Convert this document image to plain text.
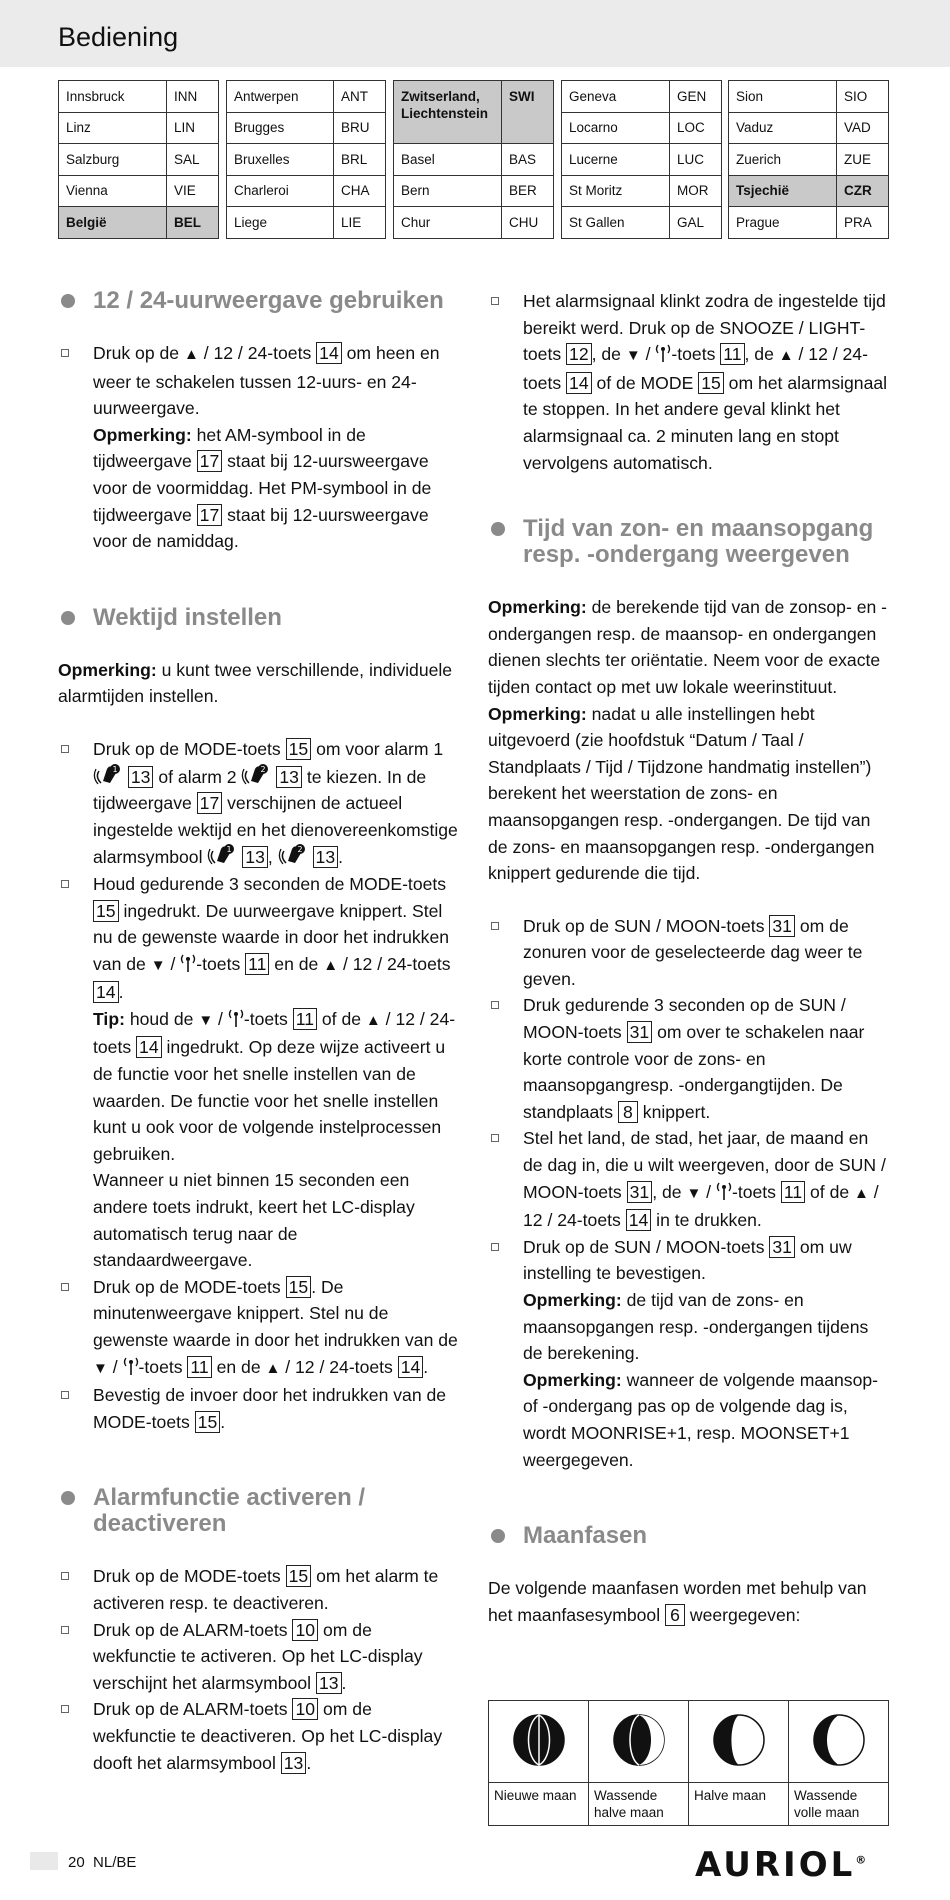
Bediening
Innsbruck	INN
Linz	LIN
Salzburg	SAL
Vienna	VIE
België	BEL
Antwerpen	ANT
Brugges	BRU
Bruxelles	BRL
Charleroi	CHA
Liege	LIE
Zwitserland, Liechtenstein	SWI
Basel	BAS
Bern	BER
Chur	CHU
Geneva	GEN
Locarno	LOC
Lucerne	LUC
St Moritz	MOR
St Gallen	GAL
Sion	SIO
Vaduz	VAD
Zuerich	ZUE
Tsjechië	CZR
Prague	PRA
12 / 24-uurweergave gebruiken

Druk op de ▲ / 12 / 24-toets 14 om heen en weer te schakelen tussen 12-uurs- en 24-uurweergave.

Opmerking: het AM-symbool in de tijdweergave 17 staat bij 12-uursweergave voor de voormiddag. Het PM-symbool in de tijdweergave 17 staat bij 12-uursweergave voor de namiddag.

Wektijd instellen

Opmerking: u kunt twee verschillende, individuele alarmtijden instellen.

Druk op de MODE-toets 15 om voor alarm 1
1 13 of alarm 2 2 13 te kiezen. In de tijdweergave 17 verschijnen de actueel ingestelde wektijd en het dienovereenkomstige alarmsymbool 1 13 , 2 13 .

Houd gedurende 3 seconden de MODE-toets 15 ingedrukt. De uurweergave knippert. Stel nu de gewenste waarde in door het indrukken van de ▼ / -toets 11 en de ▲ / 12 / 24-toets 14 .

Tip: houd de ▼ / -toets 11 of de ▲ / 12 / 24-toets 14 ingedrukt. Op deze wijze activeert u de functie voor het snelle instellen van de waarden. De functie voor het snelle instellen kunt u ook voor de volgende instelprocessen gebruiken.

Wanneer u niet binnen 15 seconden een andere toets indrukt, keert het LC-display automatisch terug naar de standaardweergave.

Druk op de MODE-toets 15 . De minutenweergave knippert. Stel nu de gewenste waarde in door het indrukken van de ▼ / -toets 11 en de ▲ / 12 / 24-toets 14 .

Bevestig de invoer door het indrukken van de MODE-toets 15 .

Alarmfunctie activeren / deactiveren

Druk op de MODE-toets 15 om het alarm te activeren resp. te deactiveren.

Druk op de ALARM-toets 10 om de wekfunctie te activeren. Op het LC-display verschijnt het alarmsymbool 13 .

Druk op de ALARM-toets 10 om de wekfunctie te deactiveren. Op het LC-display dooft het alarmsymbool 13 .

Het alarmsignaal klinkt zodra de ingestelde tijd bereikt werd. Druk op de SNOOZE / LIGHT-toets 12 , de ▼ / -toets 11 , de ▲ / 12 / 24-toets 14 of de MODE 15 om het alarmsignaal te stoppen. In het andere geval klinkt het alarmsignaal ca. 2 minuten lang en stopt vervolgens automatisch.

Tijd van zon- en maansopgang resp. -ondergang weergeven

Opmerking: de berekende tijd van de zonsop- en -ondergangen resp. de maansop- en ondergangen dienen slechts ter oriëntatie. Neem voor de exacte tijden contact op met uw lokale weerinstituut.

Opmerking: nadat u alle instellingen hebt uitgevoerd (zie hoofdstuk “Datum / Taal / Standplaats / Tijd / Tijdzone handmatig instellen”) berekent het weerstation de zons- en maansopgangen resp. -ondergangen. De tijd van de zons- en maansopgangen resp. -ondergangen knippert gedurende die tijd.

Druk op de SUN / MOON-toets 31 om de zonuren voor de geselecteerde dag weer te geven.

Druk gedurende 3 seconden op de SUN / MOON-toets 31 om over te schakelen naar korte controle voor de zons- en maansopgangresp. -ondergangtijden. De standplaats 8 knippert.

Stel het land, de stad, het jaar, de maand en de dag in, die u wilt weergeven, door de SUN / MOON-toets 31 , de ▼ / -toets 11 of de ▲ / 12 / 24-toets 14 in te drukken.

Druk op de SUN / MOON-toets 31 om uw instelling te bevestigen.

Opmerking: de tijd van de zons- en maansopgangen resp. -ondergangen tijdens de berekening.

Opmerking: wanneer de volgende maansop- of -ondergang pas op de volgende dag is, wordt MOONRISE+1, resp. MOONSET+1 weergegeven.

Maanfasen

De volgende maanfasen worden met behulp van het maanfasesymbool 6 weergegeven:

Nieuwe maan	Wassende halve maan	Halve maan	Wassende volle maan
20 NL/BE	AURIOL®
